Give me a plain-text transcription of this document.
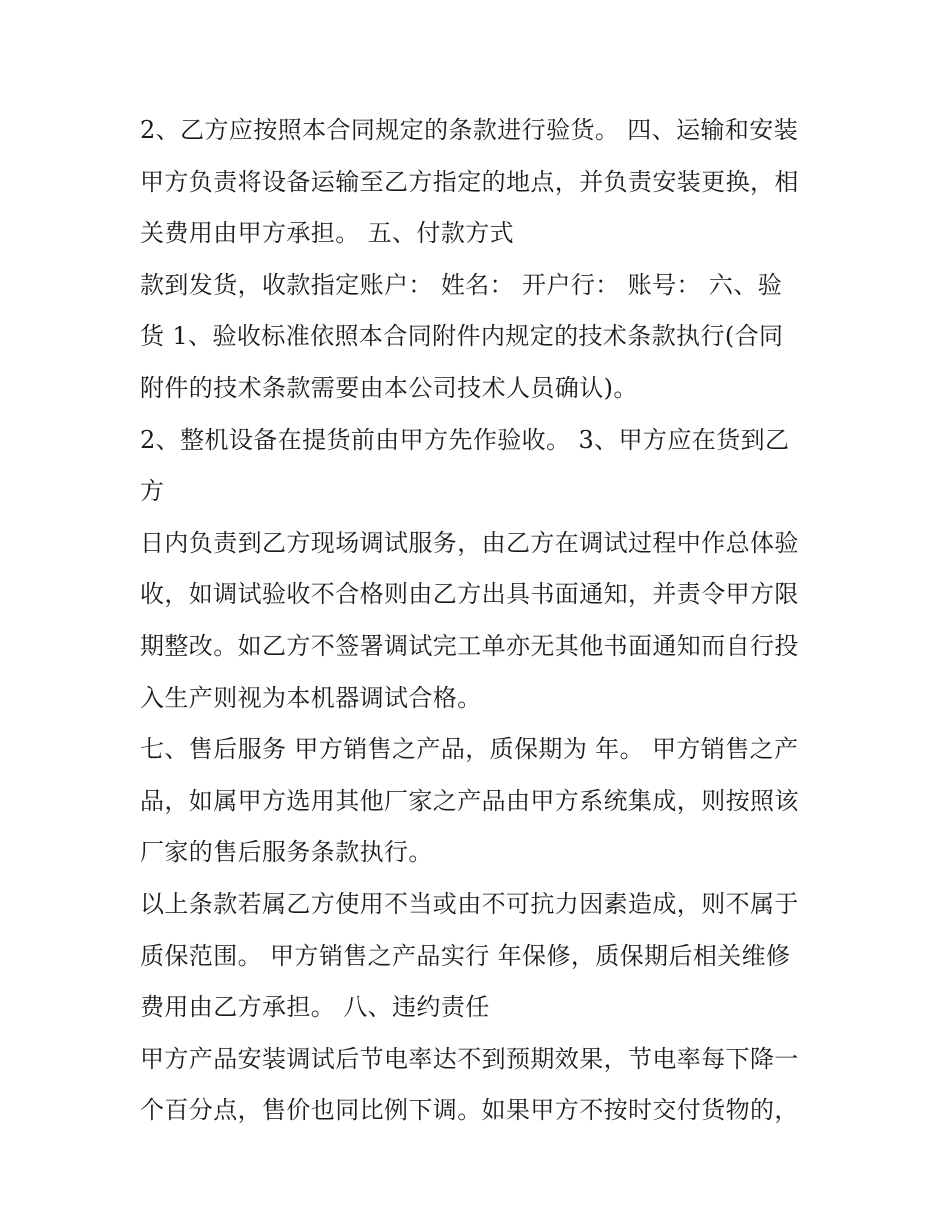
2、乙方应按照本合同规定的条款进行验货。 四、运输和安装
甲方负责将设备运输至乙方指定的地点，并负责安装更换，相
关费用由甲方承担。 五、付款方式
款到发货，收款指定账户： 姓名： 开户行： 账号： 六、验
货 1、验收标准依照本合同附件内规定的技术条款执行(合同
附件的技术条款需要由本公司技术人员确认)。
2、整机设备在提货前由甲方先作验收。 3、甲方应在货到乙
方
日内负责到乙方现场调试服务，由乙方在调试过程中作总体验
收，如调试验收不合格则由乙方出具书面通知，并责令甲方限
期整改。如乙方不签署调试完工单亦无其他书面通知而自行投
入生产则视为本机器调试合格。
七、售后服务 甲方销售之产品，质保期为 年。 甲方销售之产
品，如属甲方选用其他厂家之产品由甲方系统集成，则按照该
厂家的售后服务条款执行。
以上条款若属乙方使用不当或由不可抗力因素造成，则不属于
质保范围。 甲方销售之产品实行 年保修，质保期后相关维修
费用由乙方承担。 八、违约责任
甲方产品安装调试后节电率达不到预期效果，节电率每下降一
个百分点，售价也同比例下调。如果甲方不按时交付货物的，
